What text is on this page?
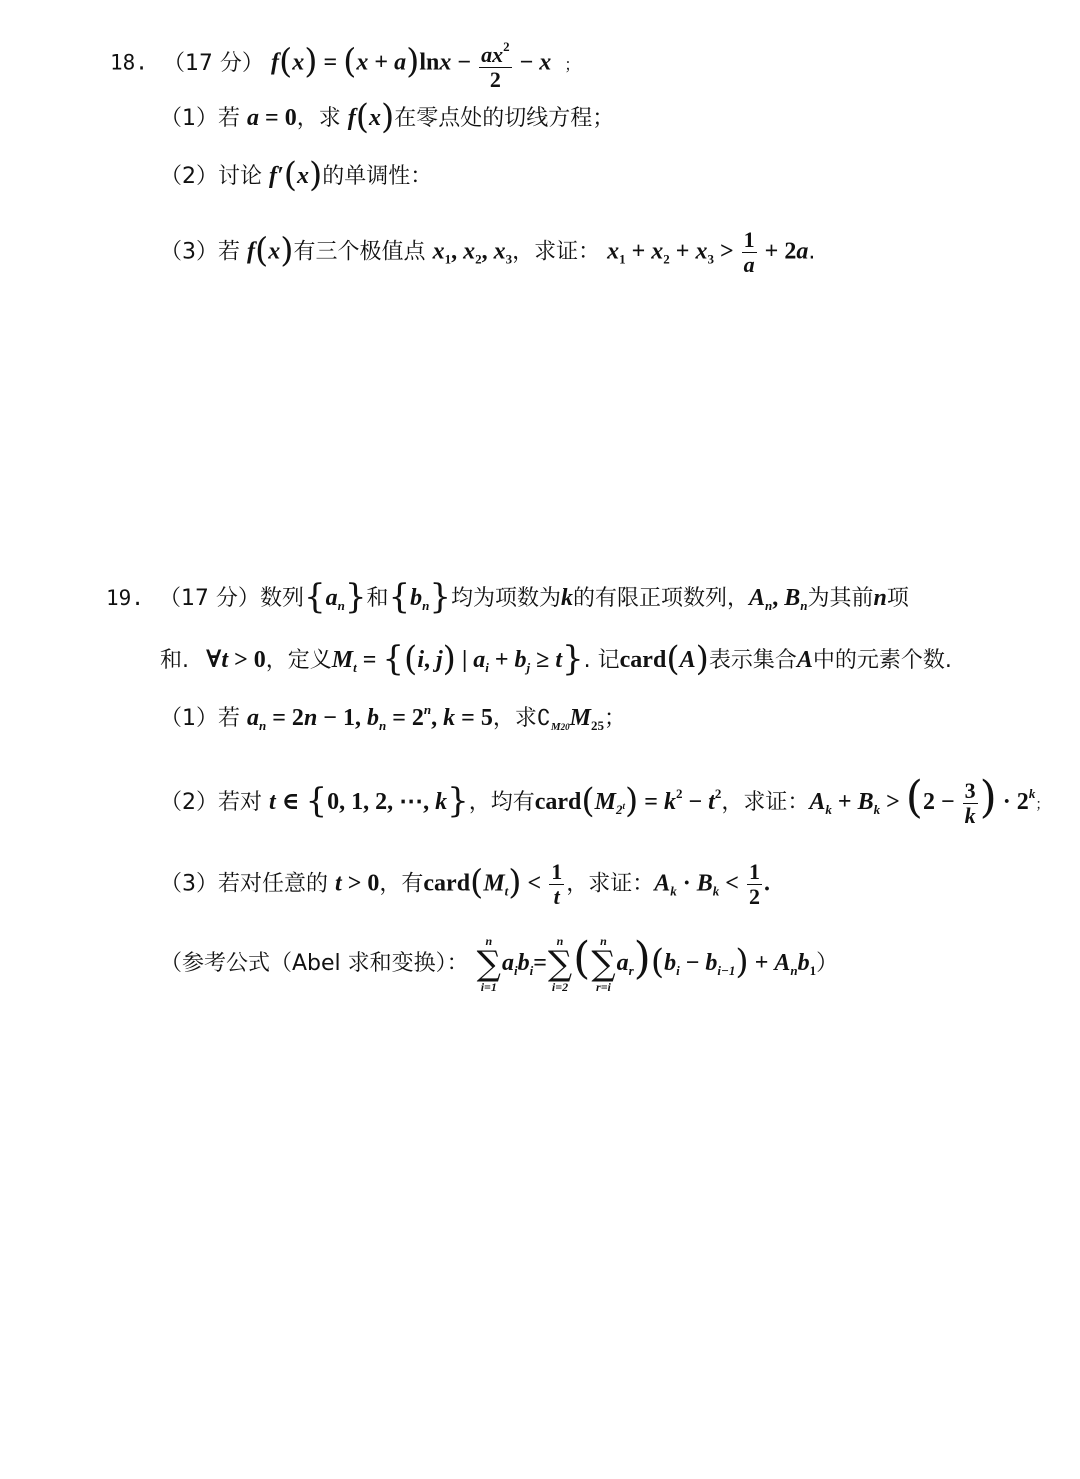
18. （17 分） $f(x) = (x + a)\ln x - \frac{ax^2}{2} - x$ ；
（1）若 a = 0，求 f(x)在零点处的切线方程；
（2）讨论 f′(x)的单调性：
（3）若 f(x)有三个极值点 $x_1$, $x_2$, $x_3$，求证： $x_1 + x_2 + x_3 > \frac{1}{a} + 2a$.
19. （17 分）数列$\{a_n\}$和$\{b_n\}$均为项数为k的有限正项数列，$A_n$, $B_n$为其前n项
和. ∀t > 0，定义$M_t = \{(i$, j) | $a_i + b_j \ge t$}. 记card(A)表示集合A中的元素个数.
（1）若 $a_n = 2n - 1$, $b_n = 2^n$, k = 5，求$∁_{M20}M_{25}$；
（2）若对 t ∈ {0, 1, 2, ⋯, k}，均有$card(M_{2^t}) = k^2 - t^2$，求证：$A_k + B_k > (2 - \frac{3}{k}$ ) · $2^k$；
（3）若对任意的 t > 0，有$card(M_t) < \frac{1}{t}$ ，求证：$A_k \cdot B_k < \frac{1}{2}$ .
（参考公式（Abel 求和变换）：
n
∑
i=1
$a_ib_i=$
n
∑
i=2
( n
∑
r=i
$a_r)(b_i - b_{i-1}) + A_nb_1$）
